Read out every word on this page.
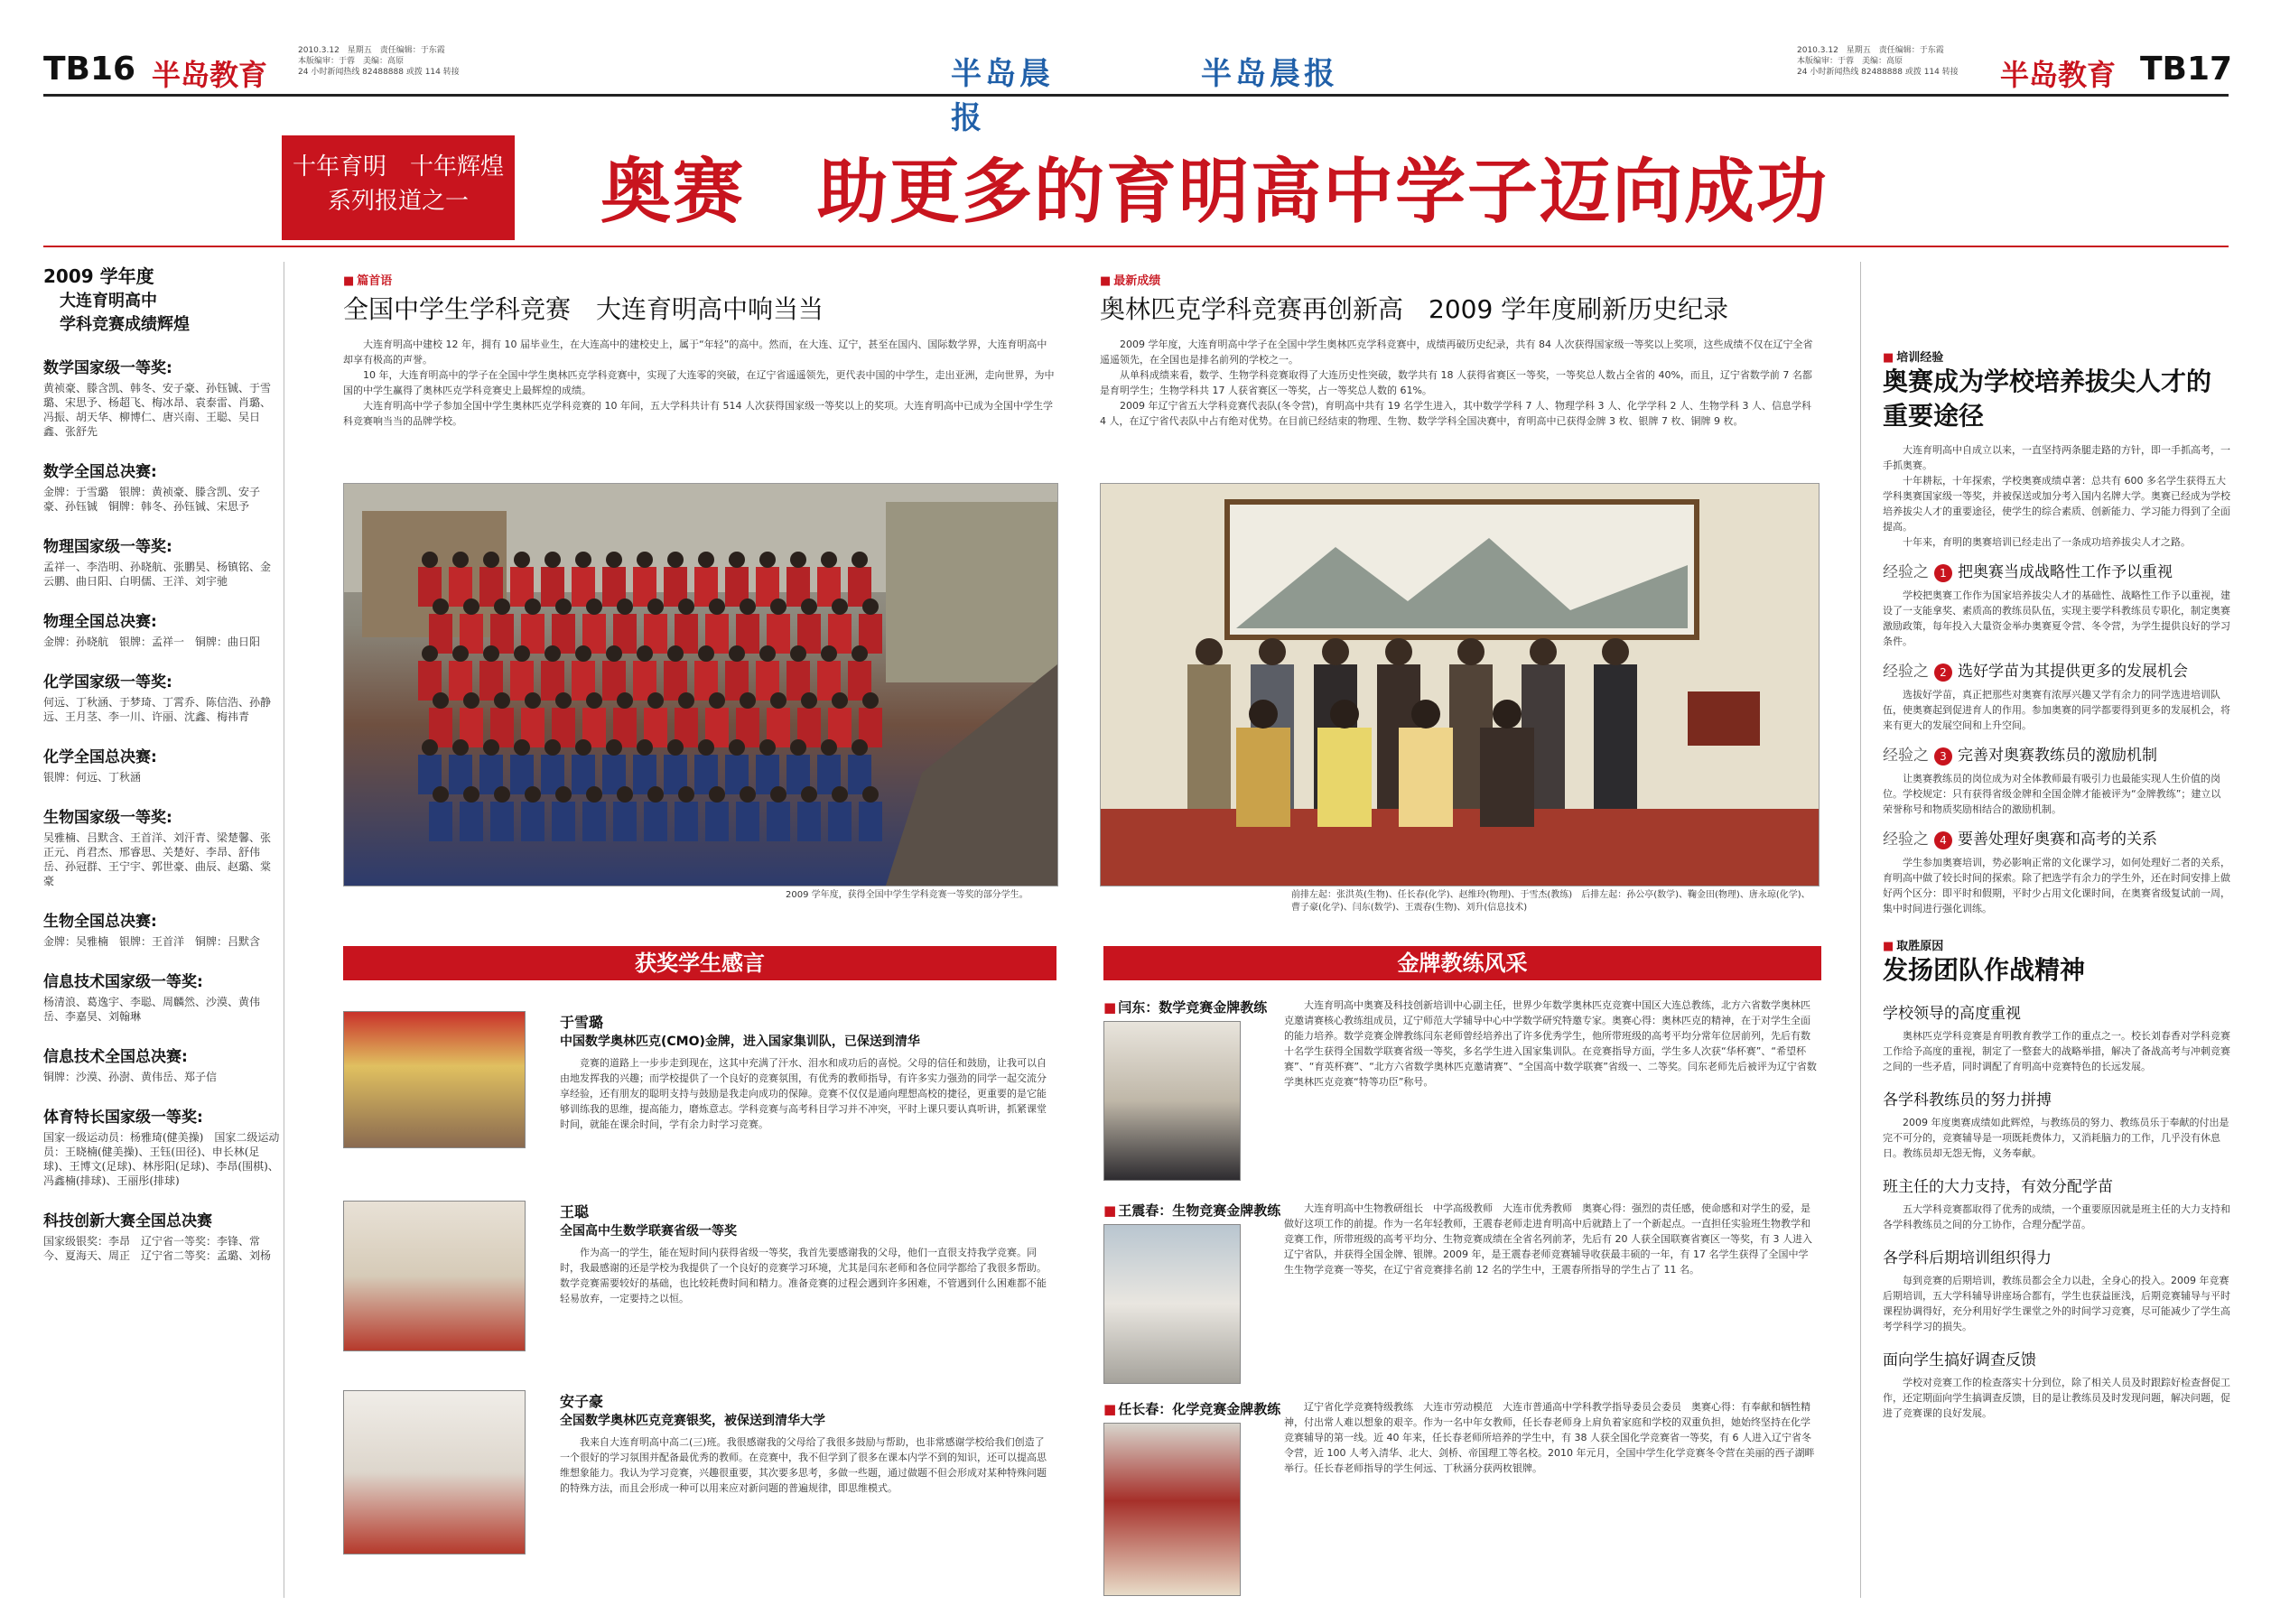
TB16 半岛教育
2010.3.12　星期五　责任编辑：于东霞
本版编审：于蓉　美编：高原
24 小时新闻热线 82488888 或拨 114 转接	半岛晨报
半岛晨报
2010.3.12　星期五　责任编辑：于东霞
本版编审：于蓉　美编：高原
24 小时新闻热线 82488888 或拨 114 转接 半岛教育 TB17
十年育明　十年辉煌
系列报道之一	奥赛　助更多的育明高中学子迈向成功
2009 学年度
大连育明高中
学科竞赛成绩辉煌
数学国家级一等奖:
黄祯豪、滕含凯、韩冬、安子豪、孙钰铖、于雪璐、宋思予、杨超飞、梅冰昂、袁泰雷、肖璐、冯振、胡天华、柳博仁、唐兴南、王聪、吴日鑫、张舒先
数学全国总决赛:
金牌：于雪璐　银牌：黄祯豪、滕含凯、安子豪、孙钰铖　铜牌：韩冬、孙钰铖、宋思予
物理国家级一等奖:
孟祥一、李浩明、孙晓航、张鹏昊、杨镇铭、金云鹏、曲日阳、白明儒、王洋、刘宇驰
物理全国总决赛:
金牌：孙晓航　银牌：孟祥一　铜牌：曲日阳
化学国家级一等奖:
何远、丁秋涵、于梦琦、丁霄乔、陈信浩、孙静远、王月茎、李一川、许丽、沈鑫、梅祎青
化学全国总决赛:
银牌：何远、丁秋涵
生物国家级一等奖:
吴雅楠、吕默含、王首洋、刘汗青、梁楚馨、张正元、肖君杰、邢睿思、关楚好、李昂、舒伟岳、孙冠群、王宁宇、郭世豪、曲辰、赵璐、棠豪
生物全国总决赛:
金牌：吴雅楠　银牌：王首洋　铜牌：吕默含
信息技术国家级一等奖:
杨清浪、葛逸宇、李聪、周麟然、沙漠、黄伟岳、李嘉昊、刘翰琳
信息技术全国总决赛:
铜牌：沙漠、孙澍、黄伟岳、郑子信
体育特长国家级一等奖:
国家一级运动员：杨雅琦(健美操)　国家二级运动员：王晓楠(健美操)、王钰(田径)、申长林(足球)、王博文(足球)、林彤阳(足球)、李昂(围棋)、冯鑫楠(排球)、王丽彤(排球)
科技创新大赛全国总决赛
国家级银奖：李昂　辽宁省一等奖：李锋、常今、夏海天、周正　辽宁省二等奖：孟璐、刘杨
■ 篇首语
全国中学生学科竞赛　大连育明高中响当当

大连育明高中建校 12 年，拥有 10 届毕业生，在大连高中的建校史上，属于“年轻”的高中。然而，在大连、辽宁，甚至在国内、国际数学界，大连育明高中却享有极高的声誉。

10 年，大连育明高中的学子在全国中学生奥林匹克学科竞赛中，实现了大连零的突破，在辽宁省遥遥领先，更代表中国的中学生，走出亚洲，走向世界，为中国的中学生赢得了奥林匹克学科竞赛史上最辉煌的成绩。

大连育明高中学子参加全国中学生奥林匹克学科竞赛的 10 年间，五大学科共计有 514 人次获得国家级一等奖以上的奖项。大连育明高中已成为全国中学生学科竞赛响当当的品牌学校。

2009 学年度，获得全国中学生学科竞赛一等奖的部分学生。
■ 最新成绩
奥林匹克学科竞赛再创新高　2009 学年度刷新历史纪录

2009 学年度，大连育明高中学子在全国中学生奥林匹克学科竞赛中，成绩再破历史纪录，共有 84 人次获得国家级一等奖以上奖项，这些成绩不仅在辽宁全省遥遥领先，在全国也是排名前列的学校之一。

从单科成绩来看，数学、生物学科竞赛取得了大连历史性突破，数学共有 18 人获得省赛区一等奖，一等奖总人数占全省的 40%，而且，辽宁省数学前 7 名都是育明学生；生物学科共 17 人获省赛区一等奖，占一等奖总人数的 61%。

2009 年辽宁省五大学科竞赛代表队(冬令营)，育明高中共有 19 名学生进入，其中数学学科 7 人、物理学科 3 人、化学学科 2 人、生物学科 3 人、信息学科 4 人，在辽宁省代表队中占有绝对优势。在目前已经结束的物理、生物、数学学科全国决赛中，育明高中已获得金牌 3 枚、银牌 7 枚、铜牌 9 枚。

前排左起：张洪英(生物)、任长春(化学)、赵维玲(物理)、于雪杰(教练)　后排左起：孙公亭(数学)、鞠金田(物理)、唐永琼(化学)、曹子豪(化学)、闫东(数学)、王震春(生物)、刘升(信息技术)
获奖学生感言	金牌教练风采
于雪璐
中国数学奥林匹克(CMO)金牌，进入国家集训队，已保送到清华

竞赛的道路上一步步走到现在，这其中充满了汗水、泪水和成功后的喜悦。父母的信任和鼓励，让我可以自由地发挥我的兴趣；而学校提供了一个良好的竞赛氛围，有优秀的教师指导，有许多实力强劲的同学一起交流分享经验，还有朋友的聪明支持与鼓励是我走向成功的保障。竞赛不仅仅是通向理想高校的捷径，更重要的是它能够训练我的思维，提高能力，磨炼意志。学科竞赛与高考科目学习并不冲突，平时上课只要认真听讲，抓紧课堂时间，就能在课余时间，学有余力时学习竞赛。

王聪
全国高中生数学联赛省级一等奖

作为高一的学生，能在短时间内获得省级一等奖，我首先要感谢我的父母，他们一直很支持我学竞赛。同时，我最感谢的还是学校为我提供了一个良好的竞赛学习环境，尤其是闫东老师和各位同学都给了我很多帮助。数学竞赛需要较好的基础，也比较耗费时间和精力。准备竞赛的过程会遇到许多困难，不管遇到什么困难都不能轻易放弃，一定要持之以恒。

安子豪
全国数学奥林匹克竞赛银奖，被保送到清华大学

我来自大连育明高中高二(三)班。我很感谢我的父母给了我很多鼓励与帮助，也非常感谢学校给我们创造了一个很好的学习氛围并配备最优秀的教师。在竞赛中，我不但学到了很多在课本内学不到的知识，还可以提高思维想象能力。我认为学习竞赛，兴趣很重要，其次要多思考，多做一些题，通过做题不但会形成对某种特殊问题的特殊方法，而且会形成一种可以用来应对新问题的普遍规律，即思维模式。

■ 闫东：数学竞赛金牌教练	大连育明高中奥赛及科技创新培训中心副主任，世界少年数学奥林匹克竞赛中国区大连总教练，北方六省数学奥林匹克邀请赛核心教练组成员，辽宁师范大学辅导中心中学数学研究特邀专家。奥赛心得：奥林匹克的精神，在于对学生全面的能力培养。数学竞赛金牌教练闫东老师曾经培养出了许多优秀学生，他所带班级的高考平均分常年位居前列，先后有数十名学生获得全国数学联赛省级一等奖，多名学生进入国家集训队。在竞赛指导方面，学生多人次获“华杯赛”、“希望杯赛”、“育英杯赛”、“北方六省数学奥林匹克邀请赛”、“全国高中数学联赛”省级一、二等奖。闫东老师先后被评为辽宁省数学奥林匹克竞赛“特等功臣”称号。

■ 王震春：生物竞赛金牌教练	大连育明高中生物教研组长　中学高级教师　大连市优秀教师　奥赛心得：强烈的责任感，使命感和对学生的爱，是做好这项工作的前提。作为一名年轻教师，王震春老师走进育明高中后就踏上了一个新起点。一直担任实验班生物教学和竞赛工作，所带班级的高考平均分、生物竞赛成绩在全省名列前茅，先后有 20 人获全国联赛省赛区一等奖，有 3 人进入辽宁省队，并获得全国金牌、银牌。2009 年，是王震春老师竞赛辅导收获最丰硕的一年，有 17 名学生获得了全国中学生生物学竞赛一等奖，在辽宁省竞赛排名前 12 名的学生中，王震春所指导的学生占了 11 名。

■ 任长春：化学竞赛金牌教练	辽宁省化学竞赛特级教练　大连市劳动模范　大连市普通高中学科教学指导委员会委员　奥赛心得：有奉献和牺牲精神，付出常人难以想象的艰辛。作为一名中年女教师，任长春老师身上肩负着家庭和学校的双重负担，她始终坚持在化学竞赛辅导的第一线。近 40 年来，任长春老师所培养的学生中，有 38 人获全国化学竞赛省一等奖，有 6 人进入辽宁省冬令营，近 100 人考入清华、北大、剑桥、帝国理工等名校。2010 年元月，全国中学生化学竞赛冬令营在美丽的西子湖畔举行。任长春老师指导的学生何远、丁秋涵分获两枚银牌。

■ 培训经验
奥赛成为学校培养拔尖人才的重要途径

大连育明高中自成立以来，一直坚持两条腿走路的方针，即一手抓高考，一手抓奥赛。

十年耕耘，十年探索，学校奥赛成绩卓著：总共有 600 多名学生获得五大学科奥赛国家级一等奖，并被保送或加分考入国内名牌大学。奥赛已经成为学校培养拔尖人才的重要途径，使学生的综合素质、创新能力、学习能力得到了全面提高。

十年来，育明的奥赛培训已经走出了一条成功培养拔尖人才之路。

经验之 1 把奥赛当成战略性工作予以重视

学校把奥赛工作作为国家培养拔尖人才的基础性、战略性工作予以重视，建设了一支能拿奖、素质高的教练员队伍，实现主要学科教练员专职化，制定奥赛激励政策，每年投入大量资金举办奥赛夏令营、冬令营，为学生提供良好的学习条件。

经验之 2 选好学苗为其提供更多的发展机会

选拔好学苗，真正把那些对奥赛有浓厚兴趣又学有余力的同学选进培训队伍，使奥赛起到促进育人的作用。参加奥赛的同学都要得到更多的发展机会，将来有更大的发展空间和上升空间。

经验之 3 完善对奥赛教练员的激励机制

让奥赛教练员的岗位成为对全体教师最有吸引力也最能实现人生价值的岗位。学校规定：只有获得省级金牌和全国金牌才能被评为“金牌教练”；建立以荣誉称号和物质奖励相结合的激励机制。

经验之 4 要善处理好奥赛和高考的关系

学生参加奥赛培训，势必影响正常的文化课学习，如何处理好二者的关系，育明高中做了较长时间的探索。除了把选学有余力的学生外，还在时间安排上做好两个区分：即平时和假期，平时少占用文化课时间，在奥赛省级复试前一周，集中时间进行强化训练。

■ 取胜原因
发扬团队作战精神
学校领导的高度重视

奥林匹克学科竞赛是育明教育教学工作的重点之一。校长刘春香对学科竞赛工作给予高度的重视，制定了一整套大的战略举措，解决了备战高考与冲刺竞赛之间的一些矛盾，同时调配了育明高中竞赛特色的长远发展。

各学科教练员的努力拼搏

2009 年度奥赛成绩如此辉煌，与教练员的努力、教练员乐于奉献的付出是完不可分的，竞赛辅导是一项既耗费体力，又消耗脑力的工作，几乎没有休息日。教练员却无怨无悔，义务奉献。

班主任的大力支持，有效分配学苗

五大学科竞赛都取得了优秀的成绩，一个重要原因就是班主任的大力支持和各学科教练员之间的分工协作，合理分配学苗。

各学科后期培训组织得力

每到竞赛的后期培训，教练员都会全力以赴，全身心的投入。2009 年竞赛后期培训，五大学科辅导讲座场合都有，学生也获益匪浅，后期竞赛辅导与平时课程协调得好，充分利用好学生课堂之外的时间学习竞赛，尽可能减少了学生高考学科学习的损失。

面向学生搞好调查反馈

学校对竞赛工作的检查落实十分到位，除了相关人员及时跟踪好检查督促工作，还定期面向学生搞调查反馈，目的是让教练员及时发现问题，解决问题，促进了竞赛课的良好发展。
